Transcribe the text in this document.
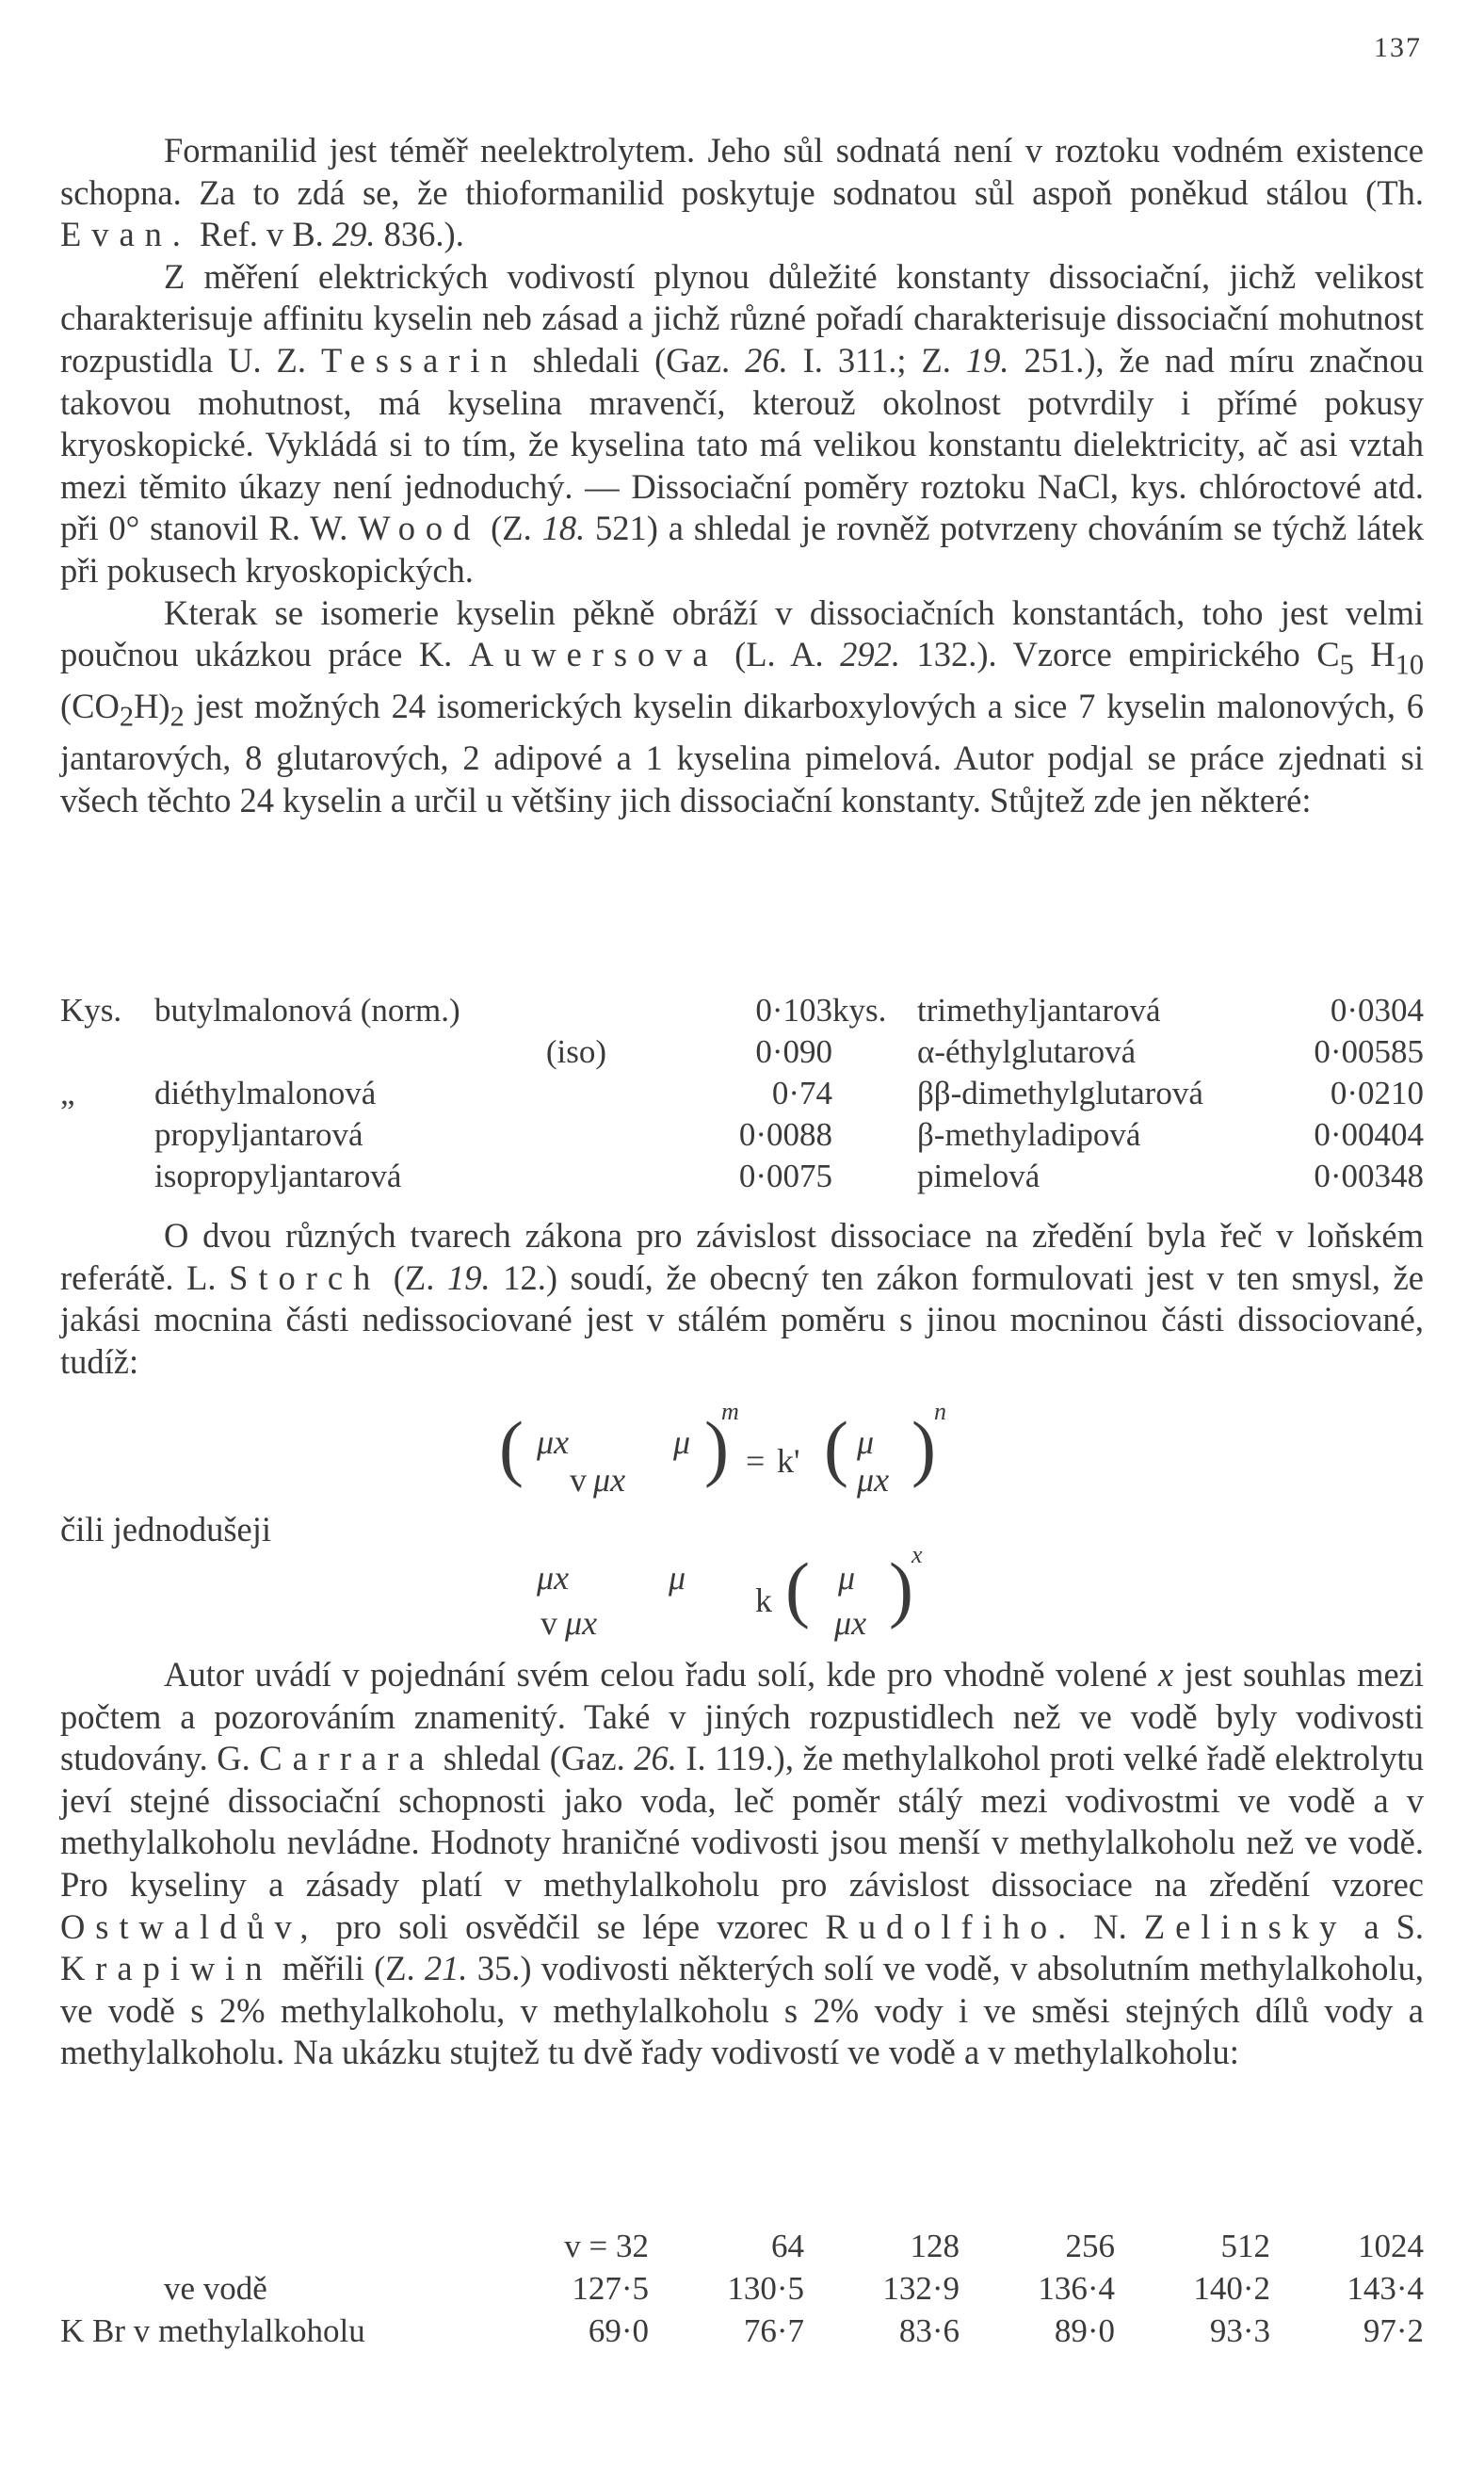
137

Formanilid jest téměř neelektrolytem. Jeho sůl sodnatá není v roztoku vodném existence schopna. Za to zdá se, že thioformanilid poskytuje sodnatou sůl aspoň poněkud stálou (Th. Evan. Ref. v B. 29. 836.).

Z měření elektrických vodivostí plynou důležité konstanty dissociační, jichž velikost charakterisuje affinitu kyselin neb zásad a jichž různé pořadí charakterisuje dissociační mohutnost rozpustidla U. Z. Tessarin shledali (Gaz. 26. I. 311.; Z. 19. 251.), že nad míru značnou takovou mohutnost, má kyselina mravenčí, kterouž okolnost potvrdily i přímé pokusy kryoskopické. Vykládá si to tím, že kyselina tato má velikou konstantu dielektricity, ač asi vztah mezi těmito úkazy není jednoduchý. — Dissociační poměry roztoku NaCl, kys. chlóroctové atd. při 0° stanovil R. W. Wood (Z. 18. 521) a shledal je rovněž potvrzeny chováním se týchž látek při pokusech kryoskopických.

Kterak se isomerie kyselin pěkně obráží v dissociačních konstantách, toho jest velmi poučnou ukázkou práce K. Auwersova (L. A. 292. 132.). Vzorce empirického $C_5$ $H_{10}$ $(CO_2H)_2$ jest možných 24 isomerických kyselin dikarboxylových a sice 7 kyselin malonových, 6 jantarových, 8 glutarových, 2 adipové a 1 kyselina pimelová. Autor podjal se práce zjednati si všech těchto 24 kyselin a určil u většiny jich dissociační konstanty. Stůjtež zde jen některé:

Kys.	butylmalonová (norm.)	0·103	kys.	trimethyljantarová	0·0304
	(iso)	0·090		α-éthylglutarová	0·00585
„	diéthylmalonová	0·74		ββ-dimethylglutarová	0·0210
	propyljantarová	0·0088		β-methyladipová	0·00404
	isopropyljantarová	0·0075		pimelová	0·00348

O dvou různých tvarech zákona pro závislost dissociace na zředění byla řeč v loňském referátě. L. Storch (Z. 19. 12.) soudí, že obecný ten zákon formulovati jest v ten smysl, že jakási mocnina části nedissociované jest v stálém poměru s jinou mocninou části dissociované, tudíž:

( μx	μ
v μx )
m
= k' ( μ
μx )
n

čili jednodušeji

μx	μ
v μx
k ( μ
μx )
x

Autor uvádí v pojednání svém celou řadu solí, kde pro vhodně volené x jest souhlas mezi počtem a pozorováním znamenitý. Také v jiných rozpustidlech než ve vodě byly vodivosti studovány. G. Carrara shledal (Gaz. 26. I. 119.), že methylalkohol proti velké řadě elektrolytu jeví stejné dissociační schopnosti jako voda, leč poměr stálý mezi vodivostmi ve vodě a v methylalkoholu nevládne. Hodnoty hraničné vodivosti jsou menší v methylalkoholu než ve vodě. Pro kyseliny a zásady platí v methylalkoholu pro závislost dissociace na zředění vzorec Ostwaldův, pro soli osvědčil se lépe vzorec Rudolfiho. N. Zelinsky a S. Krapiwin měřili (Z. 21. 35.) vodivosti některých solí ve vodě, v absolutním methylalkoholu, ve vodě s 2% methylalkoholu, v methylalkoholu s 2% vody i ve směsi stejných dílů vody a methylalkoholu. Na ukázku stujtež tu dvě řady vodivostí ve vodě a v methylalkoholu:

	v = 32	64	128	256	512	1024
ve vodě	127·5	130·5	132·9	136·4	140·2	143·4
K Br v methylalkoholu	69·0	76·7	83·6	89·0	93·3	97·2
